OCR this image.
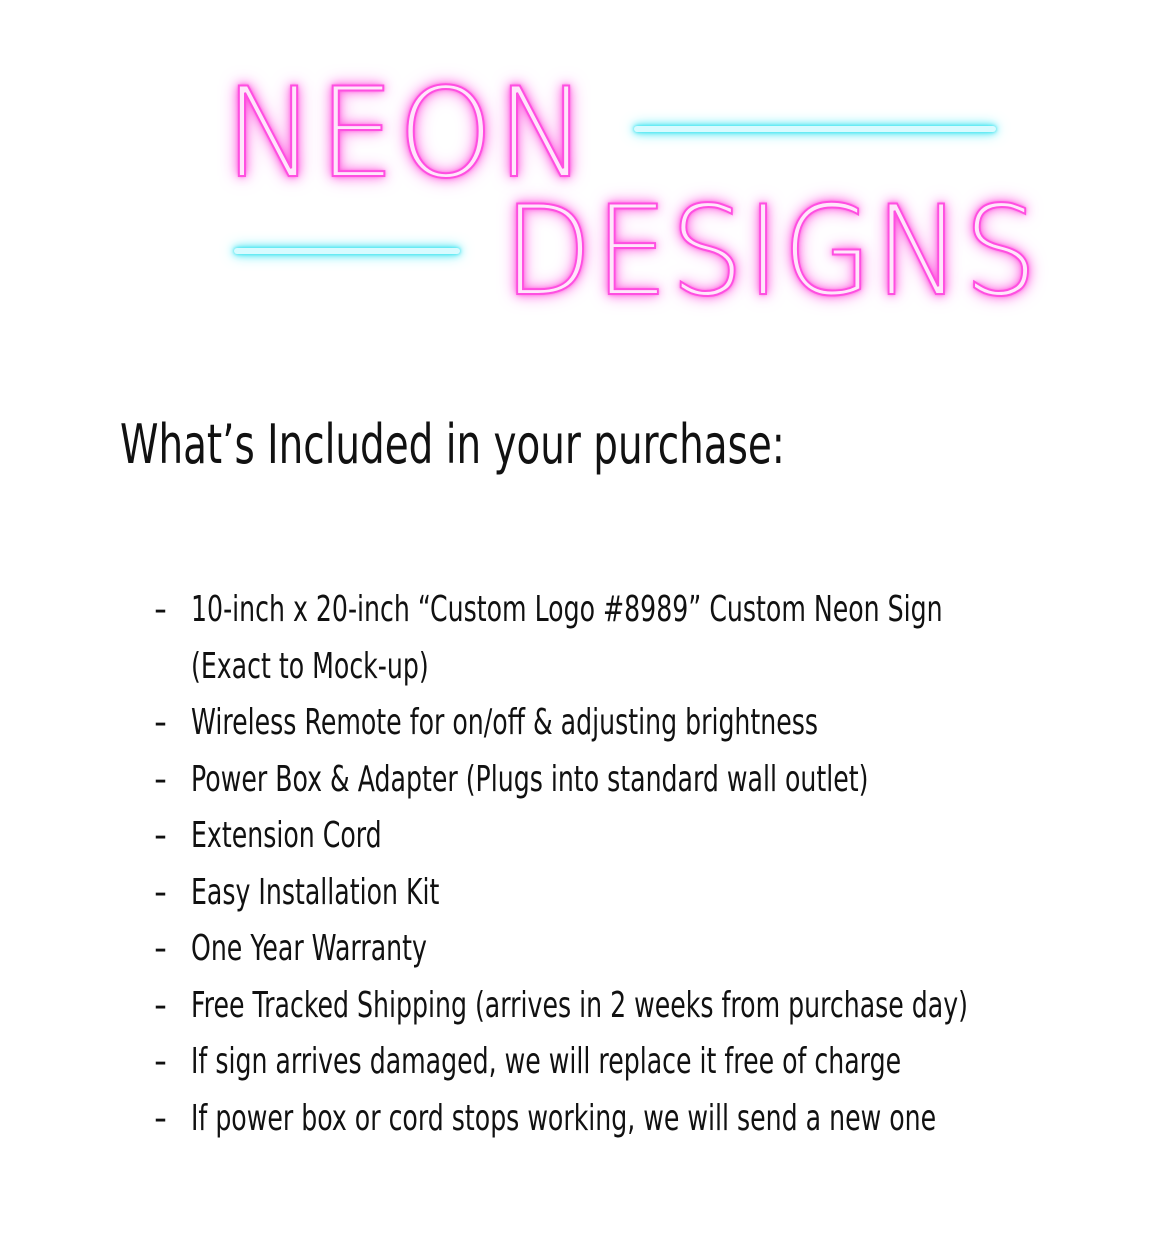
NEON
DESIGNS
What’s Included in your purchase:
- 10-inch x 20-inch “Custom Logo #8989” Custom Neon Sign
(Exact to Mock-up)
- Wireless Remote for on/off & adjusting brightness
- Power Box & Adapter (Plugs into standard wall outlet)
- Extension Cord
- Easy Installation Kit
- One Year Warranty
- Free Tracked Shipping (arrives in 2 weeks from purchase day)
- If sign arrives damaged, we will replace it free of charge
- If power box or cord stops working, we will send a new one
